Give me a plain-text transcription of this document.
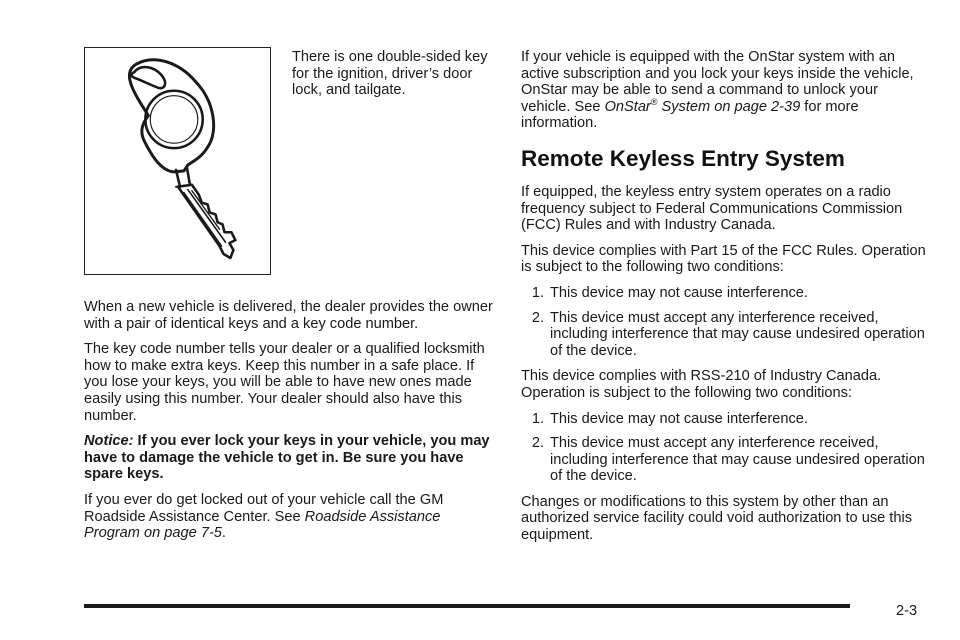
There is one double-sided key for the ignition, driver’s door lock, and tailgate.

When a new vehicle is delivered, the dealer provides the owner with a pair of identical keys and a key code number.

The key code number tells your dealer or a qualified locksmith how to make extra keys. Keep this number in a safe place. If you lose your keys, you will be able to have new ones made easily using this number. Your dealer should also have this number.

Notice: If you ever lock your keys in your vehicle, you may have to damage the vehicle to get in. Be sure you have spare keys.

If you ever do get locked out of your vehicle call the GM Roadside Assistance Center. See Roadside Assistance Program on page 7-5.

If your vehicle is equipped with the OnStar system with an active subscription and you lock your keys inside the vehicle, OnStar may be able to send a command to unlock your vehicle. See OnStar® System on page 2-39 for more information.

Remote Keyless Entry System

If equipped, the keyless entry system operates on a radio frequency subject to Federal Communications Commission (FCC) Rules and with Industry Canada.

This device complies with Part 15 of the FCC Rules. Operation is subject to the following two conditions:

1. This device may not cause interference.
2. This device must accept any interference received, including interference that may cause undesired operation of the device.

This device complies with RSS-210 of Industry Canada. Operation is subject to the following two conditions:

1. This device may not cause interference.
2. This device must accept any interference received, including interference that may cause undesired operation of the device.

Changes or modifications to this system by other than an authorized service facility could void authorization to use this equipment.

2-3
